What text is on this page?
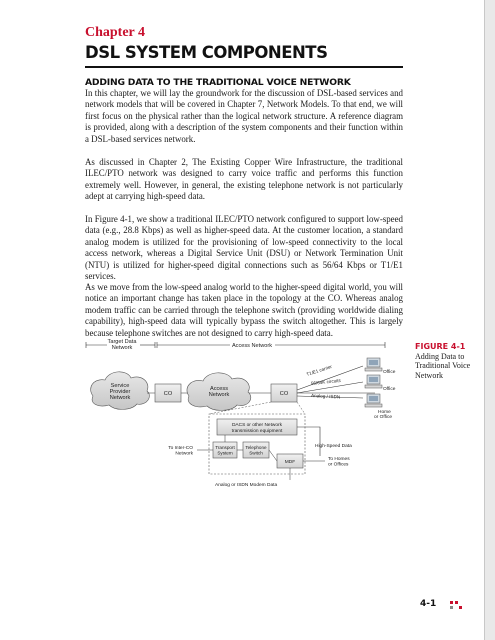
Chapter 4
DSL SYSTEM COMPONENTS
ADDING DATA TO THE TRADITIONAL VOICE NETWORK

In this chapter, we will lay the groundwork for the discussion of DSL-based services and network models that will be covered in Chapter 7, Network Models. To that end, we will first focus on the physical rather than the logical network structure. A reference diagram is provided, along with a description of the system components and their function within a DSL-based services network.

As discussed in Chapter 2, The Existing Copper Wire Infrastructure, the traditional ILEC/PTO network was designed to carry voice traffic and performs this function extremely well. However, in general, the existing telephone network is not particularly adept at carrying high-speed data.

In Figure 4-1, we show a traditional ILEC/PTO network configured to support low-speed data (e.g., 28.8 Kbps) as well as higher-speed data. At the customer location, a standard analog modem is utilized for the provisioning of low-speed connectivity to the local access network, whereas a Digital Service Unit (DSU) or Network Termination Unit (NTU) is utilized for higher-speed digital connections such as 56/64 Kbps or T1/E1 services.

As we move from the low-speed analog world to the higher-speed digital world, you will notice an important change has taken place in the topology at the CO. Whereas analog modem traffic can be carried through the telephone switch (providing worldwide dialing capability), high-speed data will typically bypass the switch altogether. This is largely because telephone switches are not designed to carry high-speed data.

FIGURE 4-1
Adding Data to Traditional Voice Network
Target Data
Network	Access Network
Service
Provider
Network
CO
Access
Network	CO
T1/E1 carrier
56/64K circuits
Analog / ISDN
Office
Office
Home
or Office
DACS or other Network
transmission equipment
High-Speed Data
Transport
System
Telephone
Switch
MDF
To Inter-CO
Network
To Homes
or Offices
Analog or ISDN Modem Data
4-1
